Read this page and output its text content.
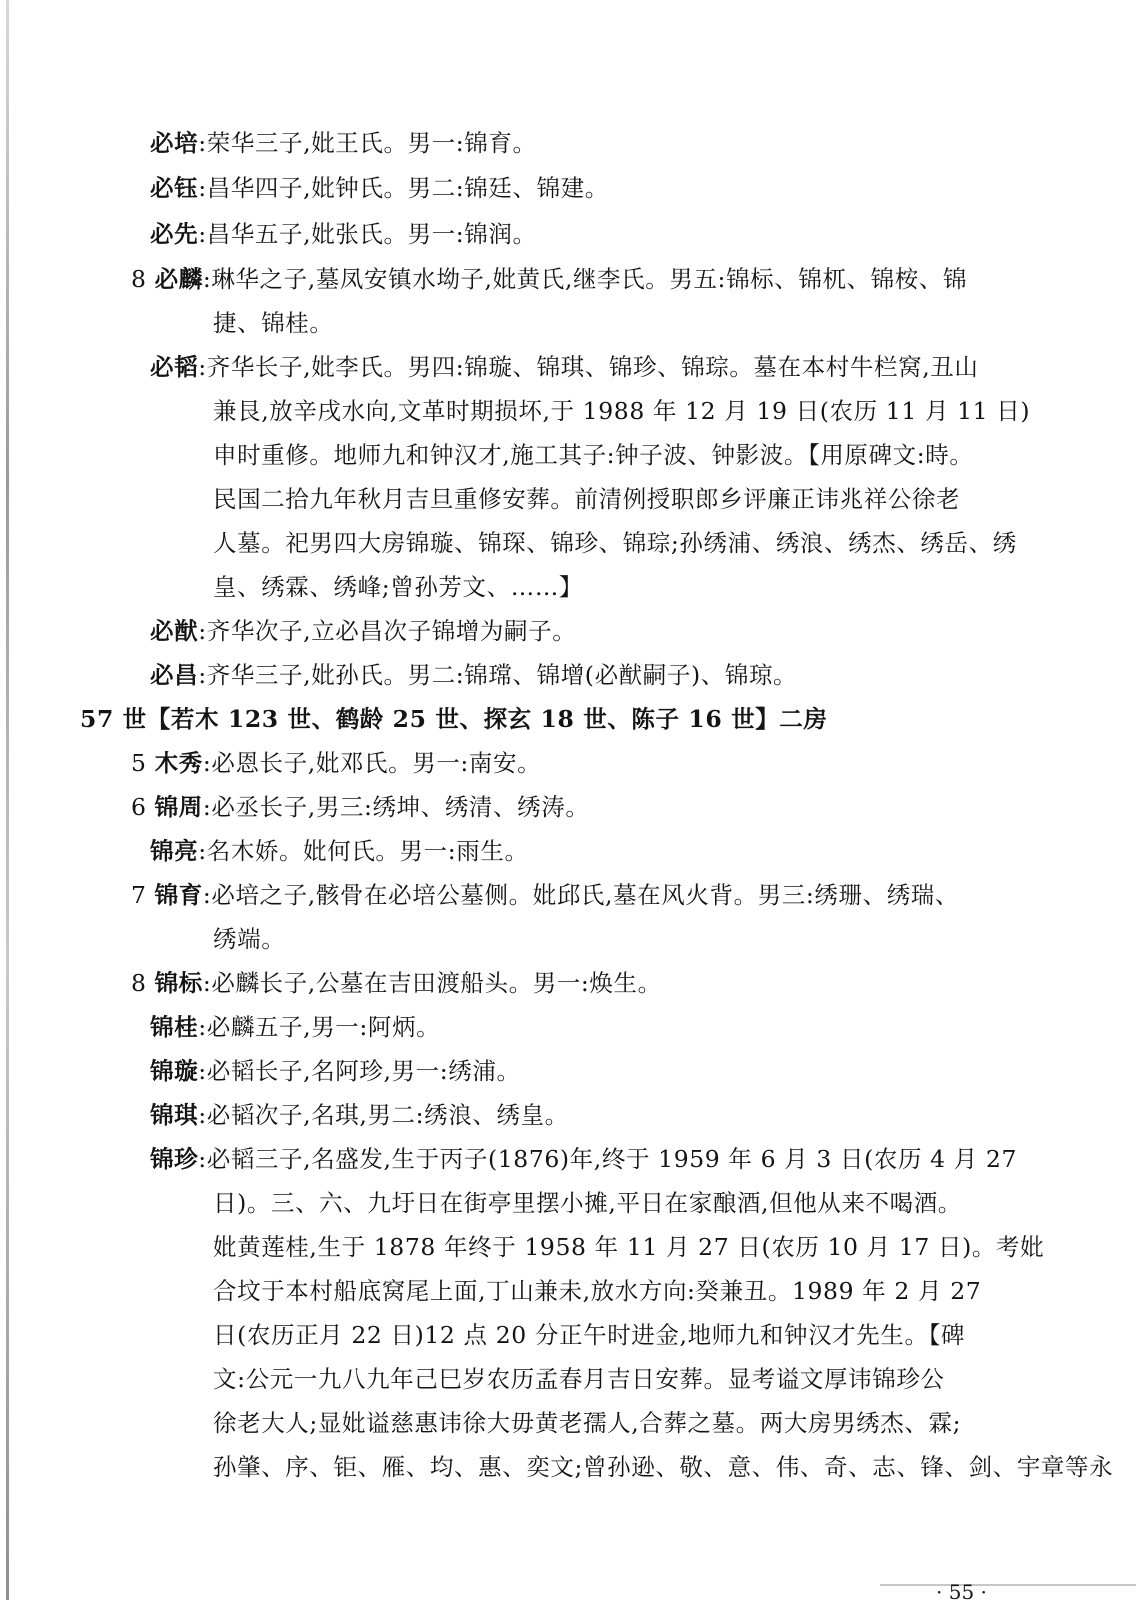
必培:荣华三子,妣王氏。男一:锦育。
必钰:昌华四子,妣钟氏。男二:锦廷、锦建。
必先:昌华五子,妣张氏。男一:锦润。
8 必麟:琳华之子,墓凤安镇水坳子,妣黄氏,继李氏。男五:锦标、锦杌、锦桉、锦
捷、锦桂。
必韬:齐华长子,妣李氏。男四:锦璇、锦琪、锦珍、锦琮。墓在本村牛栏窝,丑山
兼艮,放辛戌水向,文革时期损坏,于 1988 年 12 月 19 日(农历 11 月 11 日)
申时重修。地师九和钟汉才,施工其子:钟子波、钟影波。【用原碑文:時。
民国二拾九年秋月吉旦重修安葬。前清例授职郎乡评廉正讳兆祥公徐老
人墓。祀男四大房锦璇、锦琛、锦珍、锦琮;孙绣浦、绣浪、绣杰、绣岳、绣
皇、绣霖、绣峰;曾孙芳文、……】
必猷:齐华次子,立必昌次子锦增为嗣子。
必昌:齐华三子,妣孙氏。男二:锦瑺、锦增(必猷嗣子)、锦琼。
57 世【若木 123 世、鹤龄 25 世、探玄 18 世、陈子 16 世】二房
5 木秀:必恩长子,妣邓氏。男一:南安。
6 锦周:必丞长子,男三:绣坤、绣清、绣涛。
锦亮:名木娇。妣何氏。男一:雨生。
7 锦育:必培之子,骸骨在必培公墓侧。妣邱氏,墓在风火背。男三:绣珊、绣瑞、
绣端。
8 锦标:必麟长子,公墓在吉田渡船头。男一:焕生。
锦桂:必麟五子,男一:阿炳。
锦璇:必韬长子,名阿珍,男一:绣浦。
锦琪:必韬次子,名琪,男二:绣浪、绣皇。
锦珍:必韬三子,名盛发,生于丙子(1876)年,终于 1959 年 6 月 3 日(农历 4 月 27
日)。三、六、九圩日在街亭里摆小摊,平日在家酿酒,但他从来不喝酒。
妣黄莲桂,生于 1878 年终于 1958 年 11 月 27 日(农历 10 月 17 日)。考妣
合坟于本村船底窝尾上面,丁山兼未,放水方向:癸兼丑。1989 年 2 月 27
日(农历正月 22 日)12 点 20 分正午时进金,地师九和钟汉才先生。【碑
文:公元一九八九年己巳岁农历孟春月吉日安葬。显考谥文厚讳锦珍公
徐老大人;显妣谥慈惠讳徐大毋黄老孺人,合葬之墓。两大房男绣杰、霖;
孙肇、序、钜、雁、均、惠、奕文;曾孙逊、敬、意、伟、奇、志、锋、剑、宇章等永
· 55 ·
